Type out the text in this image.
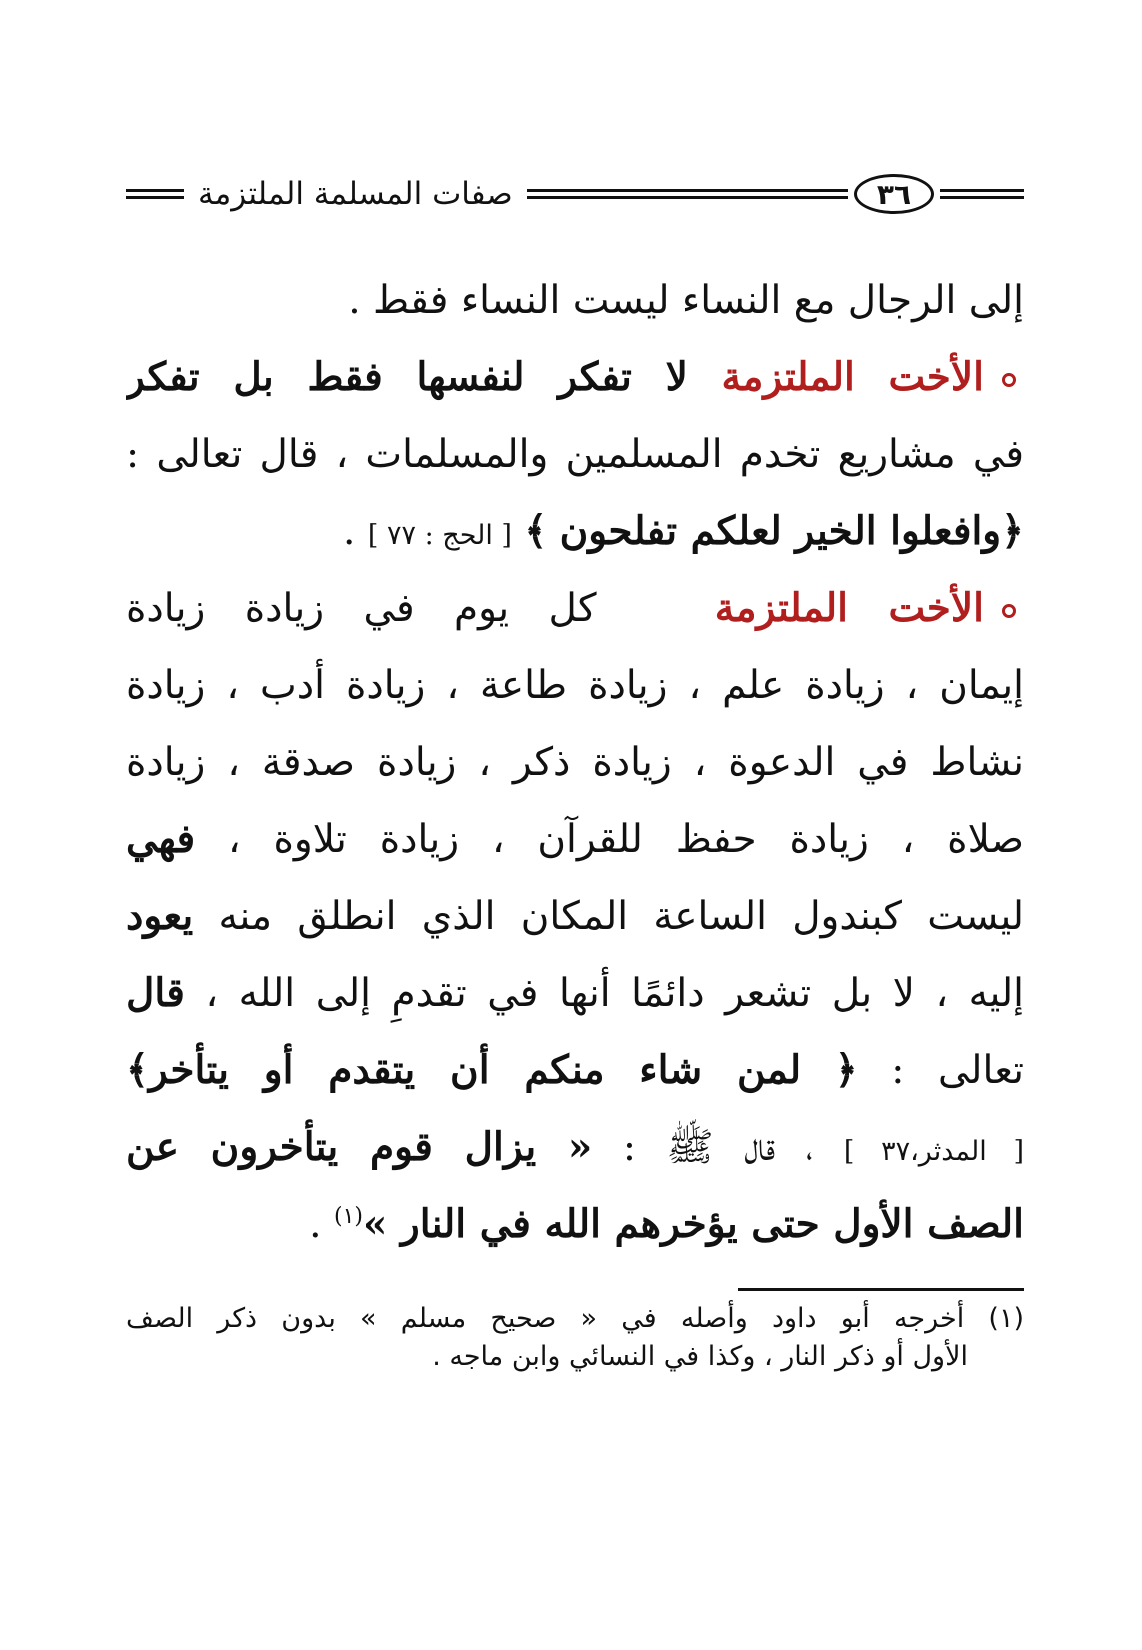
صفات المسلمة الملتزمة	٣٦
إلى الرجال مع النساء ليست النساء فقط .
الأخت الملتزمة لا تفكر لنفسها فقط بل تفكر
في مشاريع تخدم المسلمين والمسلمات ، قال تعالى :
﴿وافعلوا الخير لعلكم تفلحون ﴾ [ الحج : ٧٧ ] .
الأخت الملتزمة   كل يوم في زيادة زيادة
إيمان ، زيادة علم ، زيادة طاعة ، زيادة أدب ، زيادة
نشاط في الدعوة ، زيادة ذكر ، زيادة صدقة ، زيادة
صلاة ، زيادة حفظ للقرآن ، زيادة تلاوة ، فهي
ليست كبندول الساعة المكان الذي انطلق منه يعود
إليه ، لا بل تشعر دائمًا أنها في تقدمِ إلى الله ، قال
تعالى : ﴿ لمن شاء منكم أن يتقدم أو يتأخر﴾
[ المدثر،٣٧ ] ، قال ﷺ : « يزال قوم يتأخرون عن
الصف الأول حتى يؤخرهم الله في النار »$^{(١)}$ .
(١) أخرجه أبو داود وأصله في « صحيح مسلم » بدون ذكر الصف
الأول أو ذكر النار ، وكذا في النسائي وابن ماجه .
